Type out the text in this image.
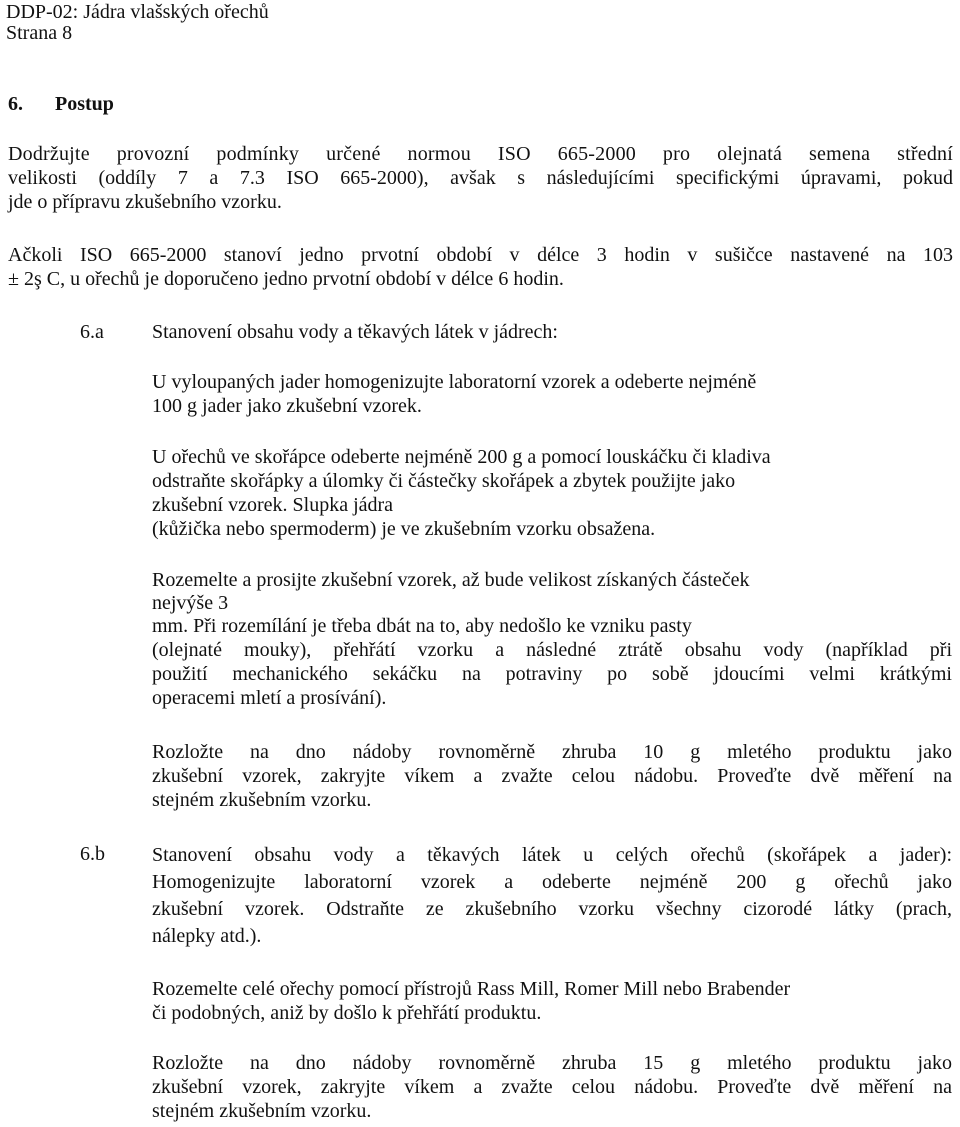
DDP-02: Jádra vlašských ořechů
Strana 8
6. Postup
Dodržujte provozní podmínky určené normou ISO 665-2000 pro olejnatá semena střední
velikosti (oddíly 7 a 7.3 ISO 665-2000), avšak s následujícími specifickými úpravami, pokud
jde o přípravu zkušebního vzorku.
Ačkoli ISO 665-2000 stanoví jedno prvotní období v délce 3 hodin v sušičce nastavené na 103
± 2ş C, u ořechů je doporučeno jedno prvotní období v délce 6 hodin.
6.a Stanovení obsahu vody a těkavých látek v jádrech:
U vyloupaných jader homogenizujte laboratorní vzorek a odeberte nejméně
100 g jader jako zkušební vzorek.
U ořechů ve skořápce odeberte nejméně 200 g a pomocí louskáčku či kladiva
odstraňte skořápky a úlomky či částečky skořápek a zbytek použijte jako
zkušební vzorek. Slupka jádra
(kůžička nebo spermoderm) je ve zkušebním vzorku obsažena.
Rozemelte a prosijte zkušební vzorek, až bude velikost získaných částeček
nejvýše 3
mm. Při rozemílání je třeba dbát na to, aby nedošlo ke vzniku pasty
(olejnaté mouky), přehřátí vzorku a následné ztrátě obsahu vody (například při
použití mechanického sekáčku na potraviny po sobě jdoucími velmi krátkými
operacemi mletí a prosívání).
Rozložte na dno nádoby rovnoměrně zhruba 10 g mletého produktu jako
zkušební vzorek, zakryjte víkem a zvažte celou nádobu. Proveďte dvě měření na
stejném zkušebním vzorku.
6.b Stanovení obsahu vody a těkavých látek u celých ořechů (skořápek a jader):
Homogenizujte laboratorní vzorek a odeberte nejméně 200 g ořechů jako
zkušební vzorek. Odstraňte ze zkušebního vzorku všechny cizorodé látky (prach,
nálepky atd.).
Rozemelte celé ořechy pomocí přístrojů Rass Mill, Romer Mill nebo Brabender
či podobných, aniž by došlo k přehřátí produktu.
Rozložte na dno nádoby rovnoměrně zhruba 15 g mletého produktu jako
zkušební vzorek, zakryjte víkem a zvažte celou nádobu. Proveďte dvě měření na
stejném zkušebním vzorku.
